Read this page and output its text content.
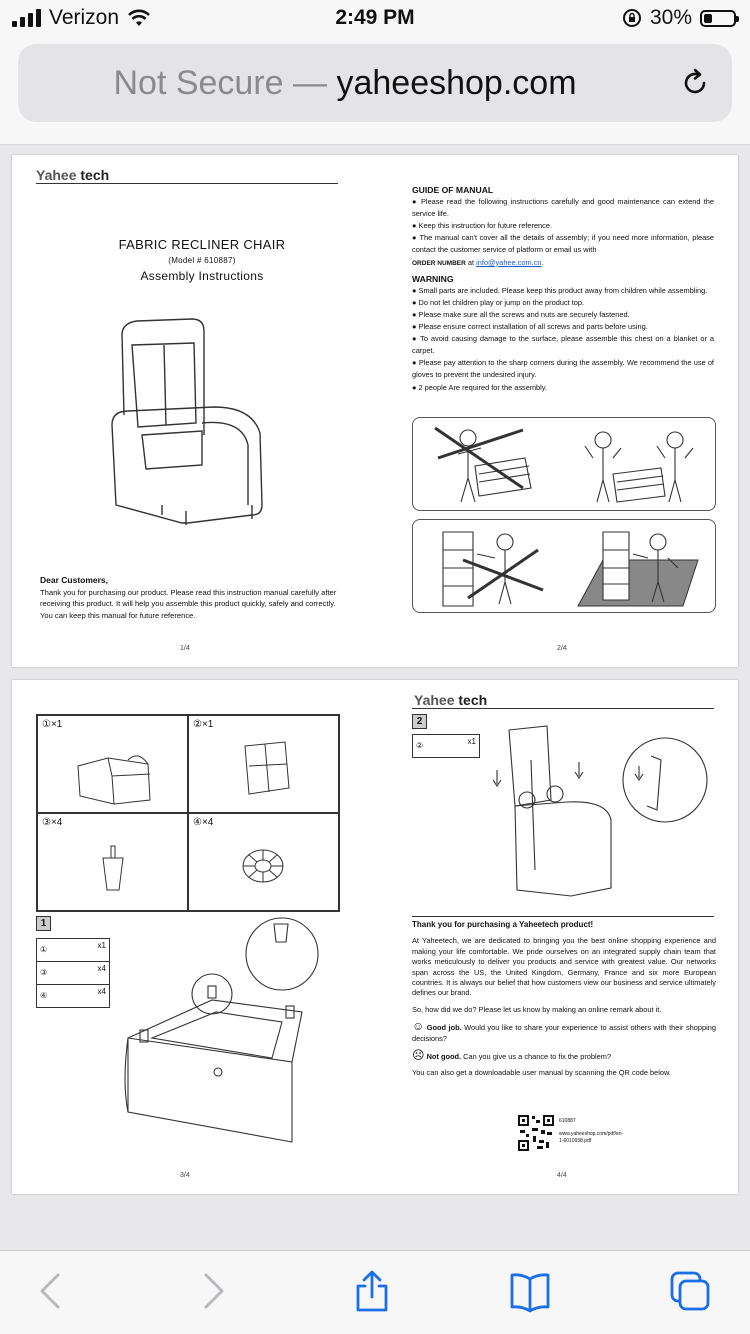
Verizon	2:49 PM	30%
Not Secure — yaheeshop.com
Yahee tech
FABRIC RECLINER CHAIR
(Model # 610887)
Assembly Instructions
Dear Customers,
Thank you for purchasing our product. Please read this instruction manual carefully after receiving this product. It will help you assemble this product quickly, safely and correctly. You can keep this manual for future reference.
1/4	2/4
GUIDE OF MANUAL

● Please read the following instructions carefully and good maintenance can extend the service life.

● Keep this instruction for future reference.

● The manual can't cover all the details of assembly; if you need more information, please contact the customer service of platform or email us with

ORDER NUMBER at info@yahee.com.cn.

WARNING

● Small parts are included. Please keep this product away from children while assembling.

● Do not let children play or jump on the product top.

● Please make sure all the screws and nuts are securely fastened.

● Please ensure correct installation of all screws and parts before using.

● To avoid causing damage to the surface, please assemble this chest on a blanket or a carpet.

● Please pay attention to the sharp corners during the assembly. We recommend the use of gloves to prevent the undesired injury.

● 2 people Are required for the assembly.

①×1	②×1
③×4	④×4
1
①	x1
③	x4
④	x4
3/4
Yahee tech
2
②	x1

Thank you for purchasing a Yaheetech product!

At Yaheetech, we are dedicated to bringing you the best online shopping experience and making your life comfortable. We pride ourselves on an integrated supply chain team that works meticulously to deliver you products and service with greatest value. Our networks span across the US, the United Kingdom, Germany, France and six more European countries. It is always our belief that how customers view our business and service ultimately defines our brand.

So, how did we do? Please let us know by making an online remark about it.

☺ Good job. Would you like to share your experience to assist others with their shopping decisions?

☹ Not good. Can you give us a chance to fix the problem?

You can also get a downloadable user manual by scanning the QR code below.

610887
www.yaheeshop.com/pdf/en-1-6010938.pdf
4/4
